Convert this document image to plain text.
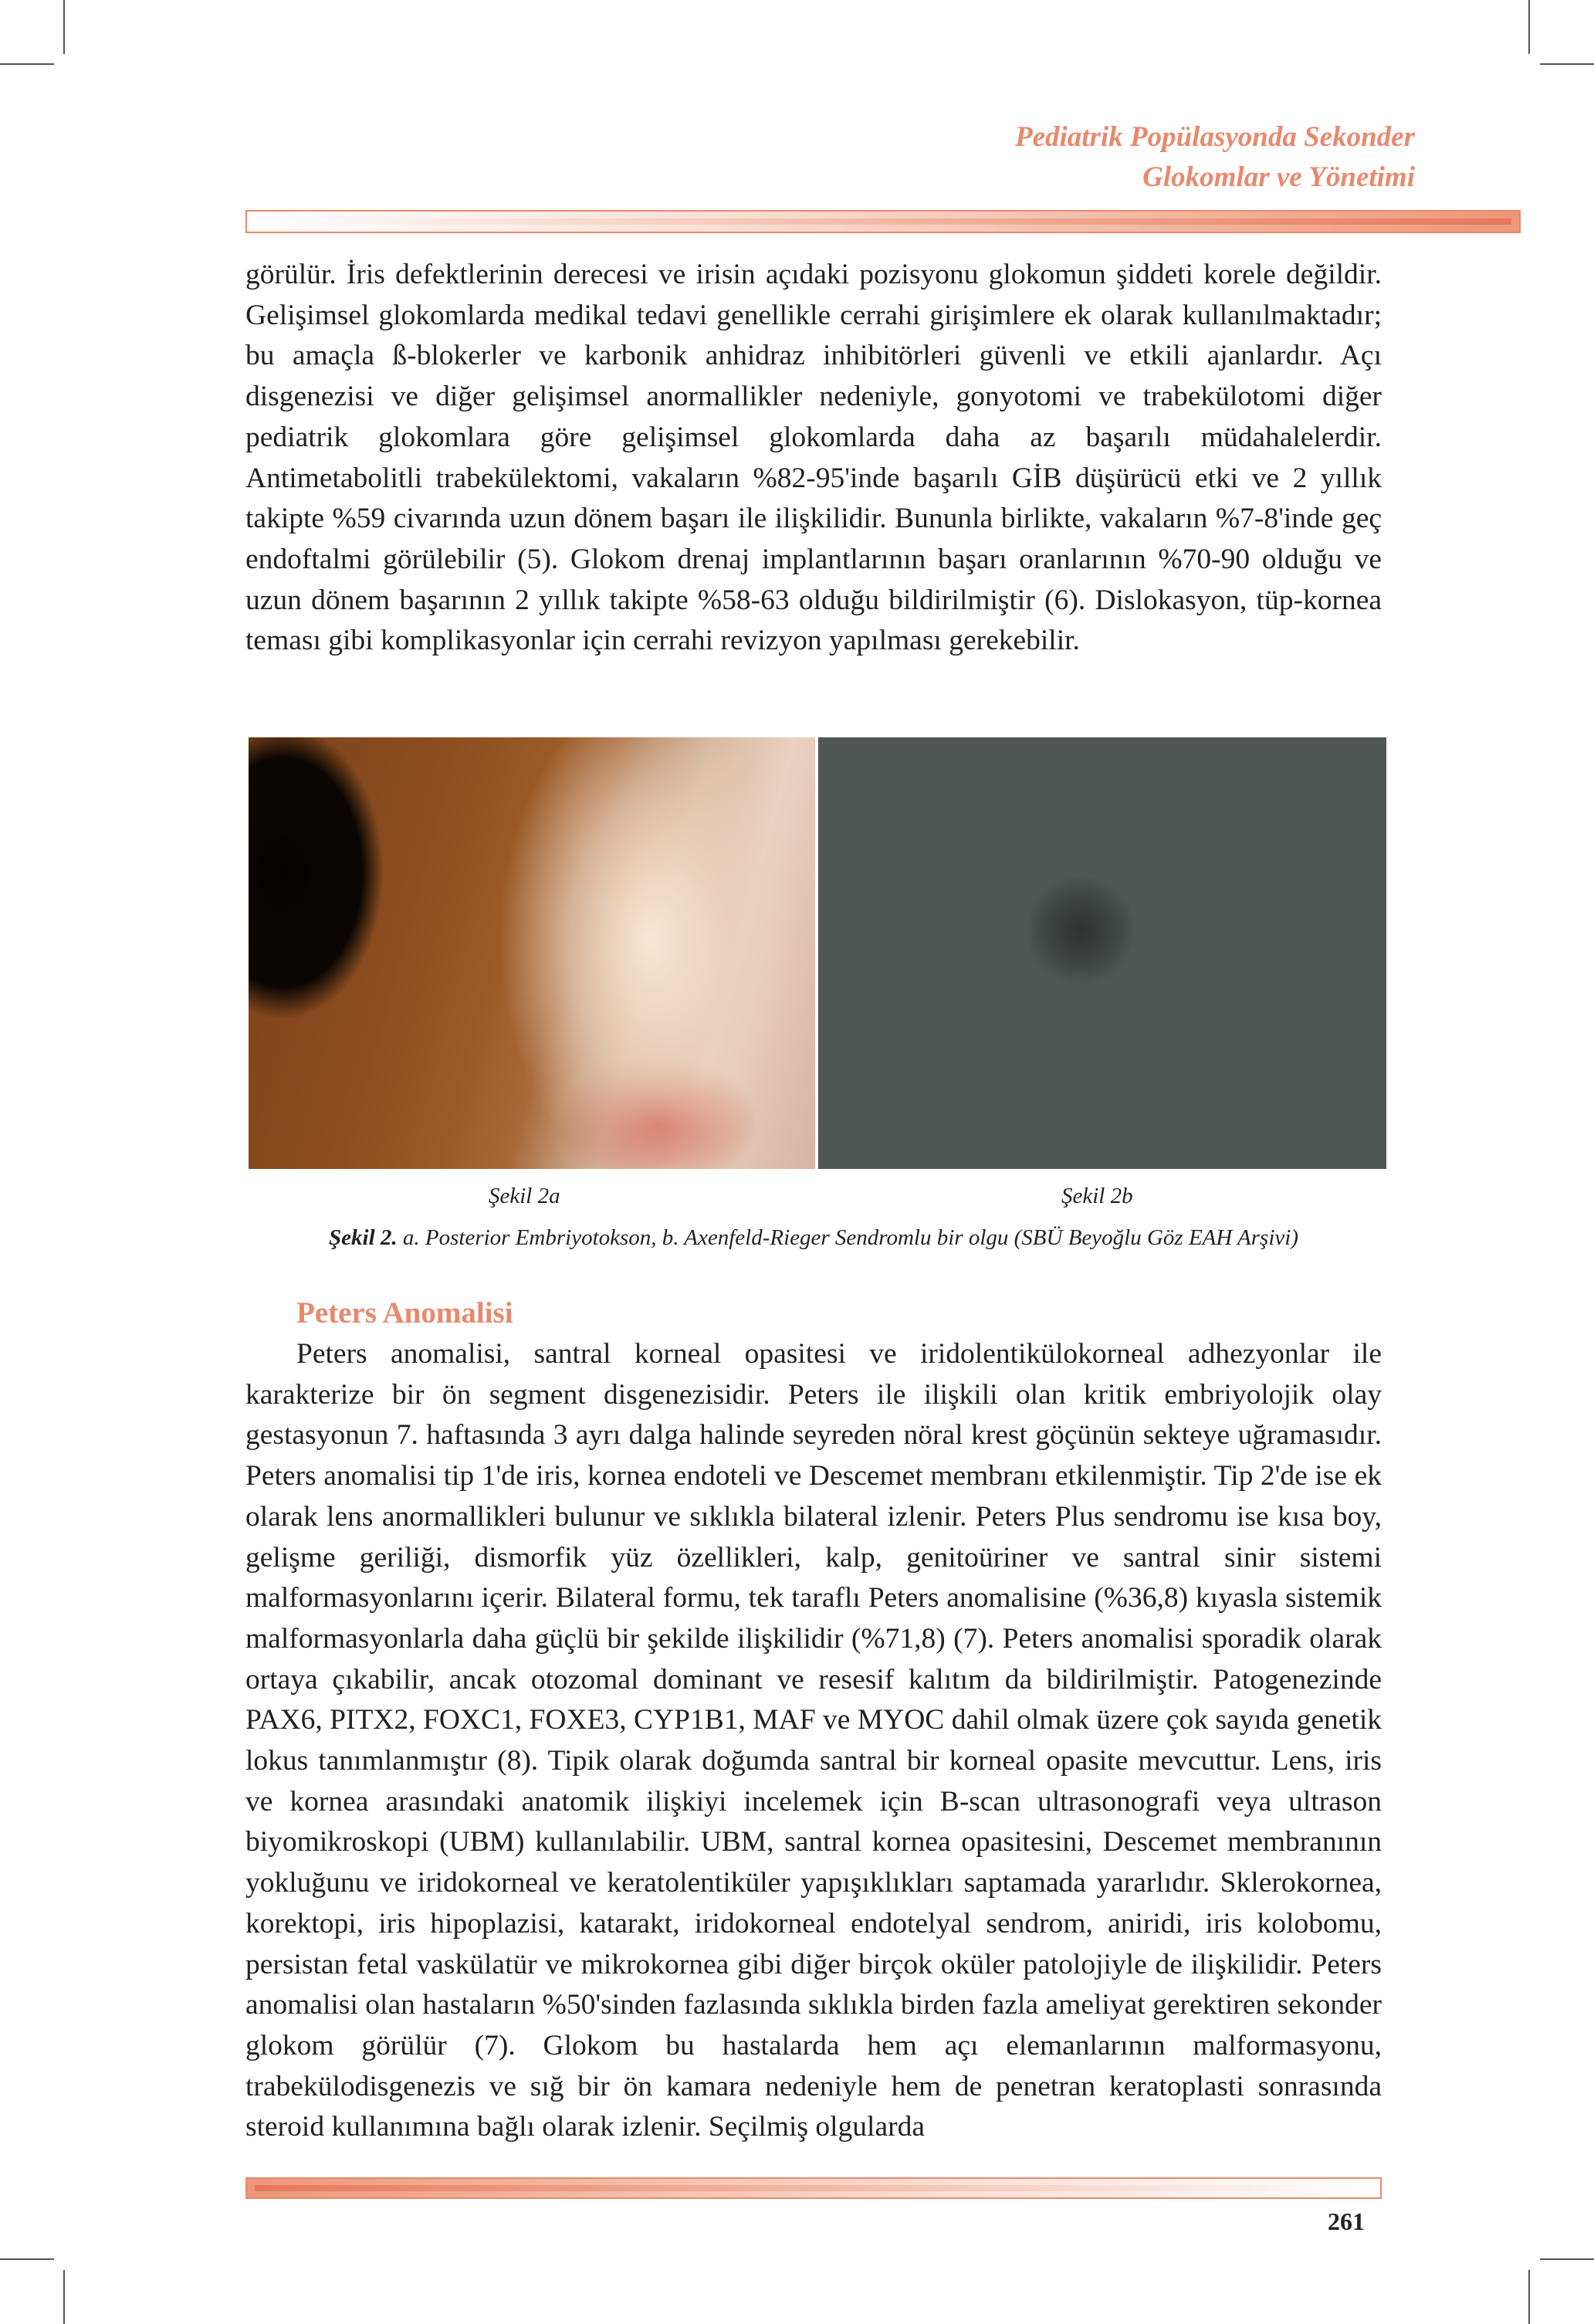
Pediatrik Popülasyonda Sekonder
Glokomlar ve Yönetimi

görülür. İris defektlerinin derecesi ve irisin açıdaki pozisyonu glokomun şiddeti korele değildir. Gelişimsel glokomlarda medikal tedavi genellikle cerrahi girişimlere ek olarak kullanılmaktadır; bu amaçla ß-blokerler ve karbonik anhidraz inhibitörleri güvenli ve etkili ajanlardır. Açı disgenezisi ve diğer gelişimsel anormallikler nedeniyle, gonyotomi ve trabekülotomi diğer pediatrik glokomlara göre gelişimsel glokomlarda daha az başarılı müdahalelerdir. Antimetabolitli trabekülektomi, vakaların %82-95'inde başarılı GİB düşürücü etki ve 2 yıllık takipte %59 civarında uzun dönem başarı ile ilişkilidir. Bununla birlikte, vakaların %7-8'inde geç endoftalmi görülebilir (5). Glokom drenaj implantlarının başarı oranlarının %70-90 olduğu ve uzun dönem başarının 2 yıllık takipte %58-63 olduğu bildirilmiştir (6). Dislokasyon, tüp-kornea teması gibi komplikasyonlar için cerrahi revizyon yapılması gerekebilir.

Şekil 2a	Şekil 2b
Şekil 2. a. Posterior Embriyotokson, b. Axenfeld-Rieger Sendromlu bir olgu (SBÜ Beyoğlu Göz EAH Arşivi)
Peters Anomalisi

Peters anomalisi, santral korneal opasitesi ve iridolentikülokorneal adhezyonlar ile karakterize bir ön segment disgenezisidir. Peters ile ilişkili olan kritik embriyolojik olay gestasyonun 7. haftasında 3 ayrı dalga halinde seyreden nöral krest göçünün sekteye uğramasıdır. Peters anomalisi tip 1'de iris, kornea endoteli ve Descemet membranı etkilenmiştir. Tip 2'de ise ek olarak lens anormallikleri bulunur ve sıklıkla bilateral izlenir. Peters Plus sendromu ise kısa boy, gelişme geriliği, dismorfik yüz özellikleri, kalp, genitoüriner ve santral sinir sistemi malformasyonlarını içerir. Bilateral formu, tek taraflı Peters anomalisine (%36,8) kıyasla sistemik malformasyonlarla daha güçlü bir şekilde ilişkilidir (%71,8) (7). Peters anomalisi sporadik olarak ortaya çıkabilir, ancak otozomal dominant ve resesif kalıtım da bildirilmiştir. Patogenezinde PAX6, PITX2, FOXC1, FOXE3, CYP1B1, MAF ve MYOC dahil olmak üzere çok sayıda genetik lokus tanımlanmıştır (8). Tipik olarak doğumda santral bir korneal opasite mevcuttur. Lens, iris ve kornea arasındaki anatomik ilişkiyi incelemek için B-scan ultrasonografi veya ultrason biyomikroskopi (UBM) kullanılabilir. UBM, santral kornea opasitesini, Descemet membranının yokluğunu ve iridokorneal ve keratolentiküler yapışıklıkları saptamada yararlıdır. Sklerokornea, korektopi, iris hipoplazisi, katarakt, iridokorneal endotelyal sendrom, aniridi, iris kolobomu, persistan fetal vaskülatür ve mikrokornea gibi diğer birçok oküler patolojiyle de ilişkilidir. Peters anomalisi olan hastaların %50'sinden fazlasında sıklıkla birden fazla ameliyat gerektiren sekonder glokom görülür (7). Glokom bu hastalarda hem açı elemanlarının malformasyonu, trabekülodisgenezis ve sığ bir ön kamara nedeniyle hem de penetran keratoplasti sonrasında steroid kullanımına bağlı olarak izlenir. Seçilmiş olgularda

261
